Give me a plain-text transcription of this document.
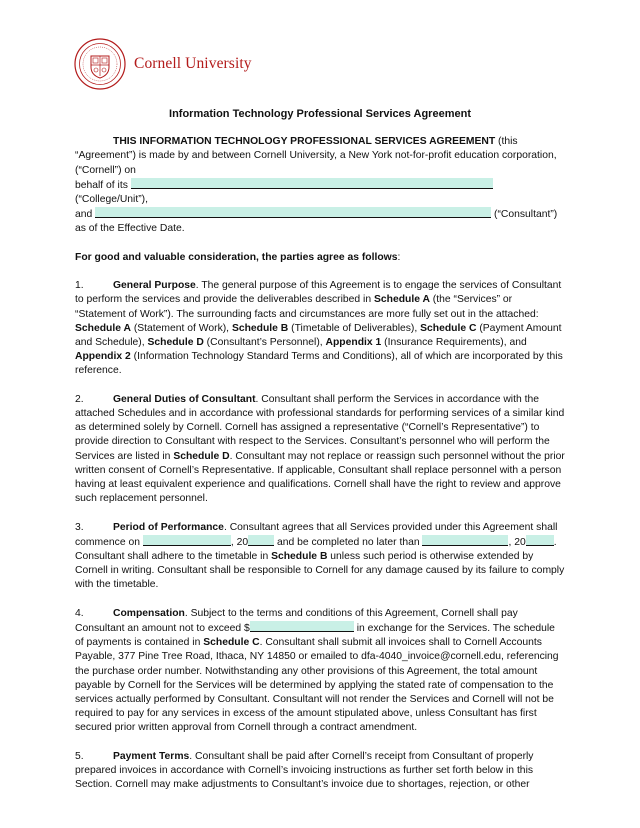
Cornell University

Information Technology Professional Services Agreement

THIS INFORMATION TECHNOLOGY PROFESSIONAL SERVICES AGREEMENT (this “Agreement”) is made by and between Cornell University, a New York not-for-profit education corporation, (“Cornell”) on
behalf of its  (“College/Unit”),
and	(“Consultant”)
as of the Effective Date.

For good and valuable consideration, the parties agree as follows:

1.	General Purpose. The general purpose of this Agreement is to engage the services of Consultant to perform the services and provide the deliverables described in Schedule A (the “Services” or “Statement of Work”). The surrounding facts and circumstances are more fully set out in the attached: Schedule A (Statement of Work), Schedule B (Timetable of Deliverables), Schedule C (Payment Amount and Schedule), Schedule D (Consultant’s Personnel), Appendix 1 (Insurance Requirements), and Appendix 2 (Information Technology Standard Terms and Conditions), all of which are incorporated by this reference.

2.	General Duties of Consultant. Consultant shall perform the Services in accordance with the attached Schedules and in accordance with professional standards for performing services of a similar kind as determined solely by Cornell. Cornell has assigned a representative (“Cornell’s Representative”) to provide direction to Consultant with respect to the Services. Consultant’s personnel who will perform the Services are listed in Schedule D. Consultant may not replace or reassign such personnel without the prior written consent of Cornell’s Representative. If applicable, Consultant shall replace personnel with a person having at least equivalent experience and qualifications. Cornell shall have the right to review and approve such replacement personnel.

3.	Period of Performance. Consultant agrees that all Services provided under this Agreement shall commence on	, 20	and be completed no later than	, 20	. Consultant shall adhere to the timetable in Schedule B unless such period is otherwise extended by Cornell in writing. Consultant shall be responsible to Cornell for any damage caused by its failure to comply with the timetable.

4.	Compensation. Subject to the terms and conditions of this Agreement, Cornell shall pay Consultant an amount not to exceed $	in exchange for the Services. The schedule of payments is contained in Schedule C. Consultant shall submit all invoices shall to Cornell Accounts Payable, 377 Pine Tree Road, Ithaca, NY 14850 or emailed to dfa-4040_invoice@cornell.edu, referencing the purchase order number. Notwithstanding any other provisions of this Agreement, the total amount payable by Cornell for the Services will be determined by applying the stated rate of compensation to the services actually performed by Consultant. Consultant will not render the Services and Cornell will not be required to pay for any services in excess of the amount stipulated above, unless Consultant has first secured prior written approval from Cornell through a contract amendment.

5.	Payment Terms. Consultant shall be paid after Cornell’s receipt from Consultant of properly prepared invoices in accordance with Cornell’s invoicing instructions as further set forth below in this Section. Cornell may make adjustments to Consultant’s invoice due to shortages, rejection, or other
